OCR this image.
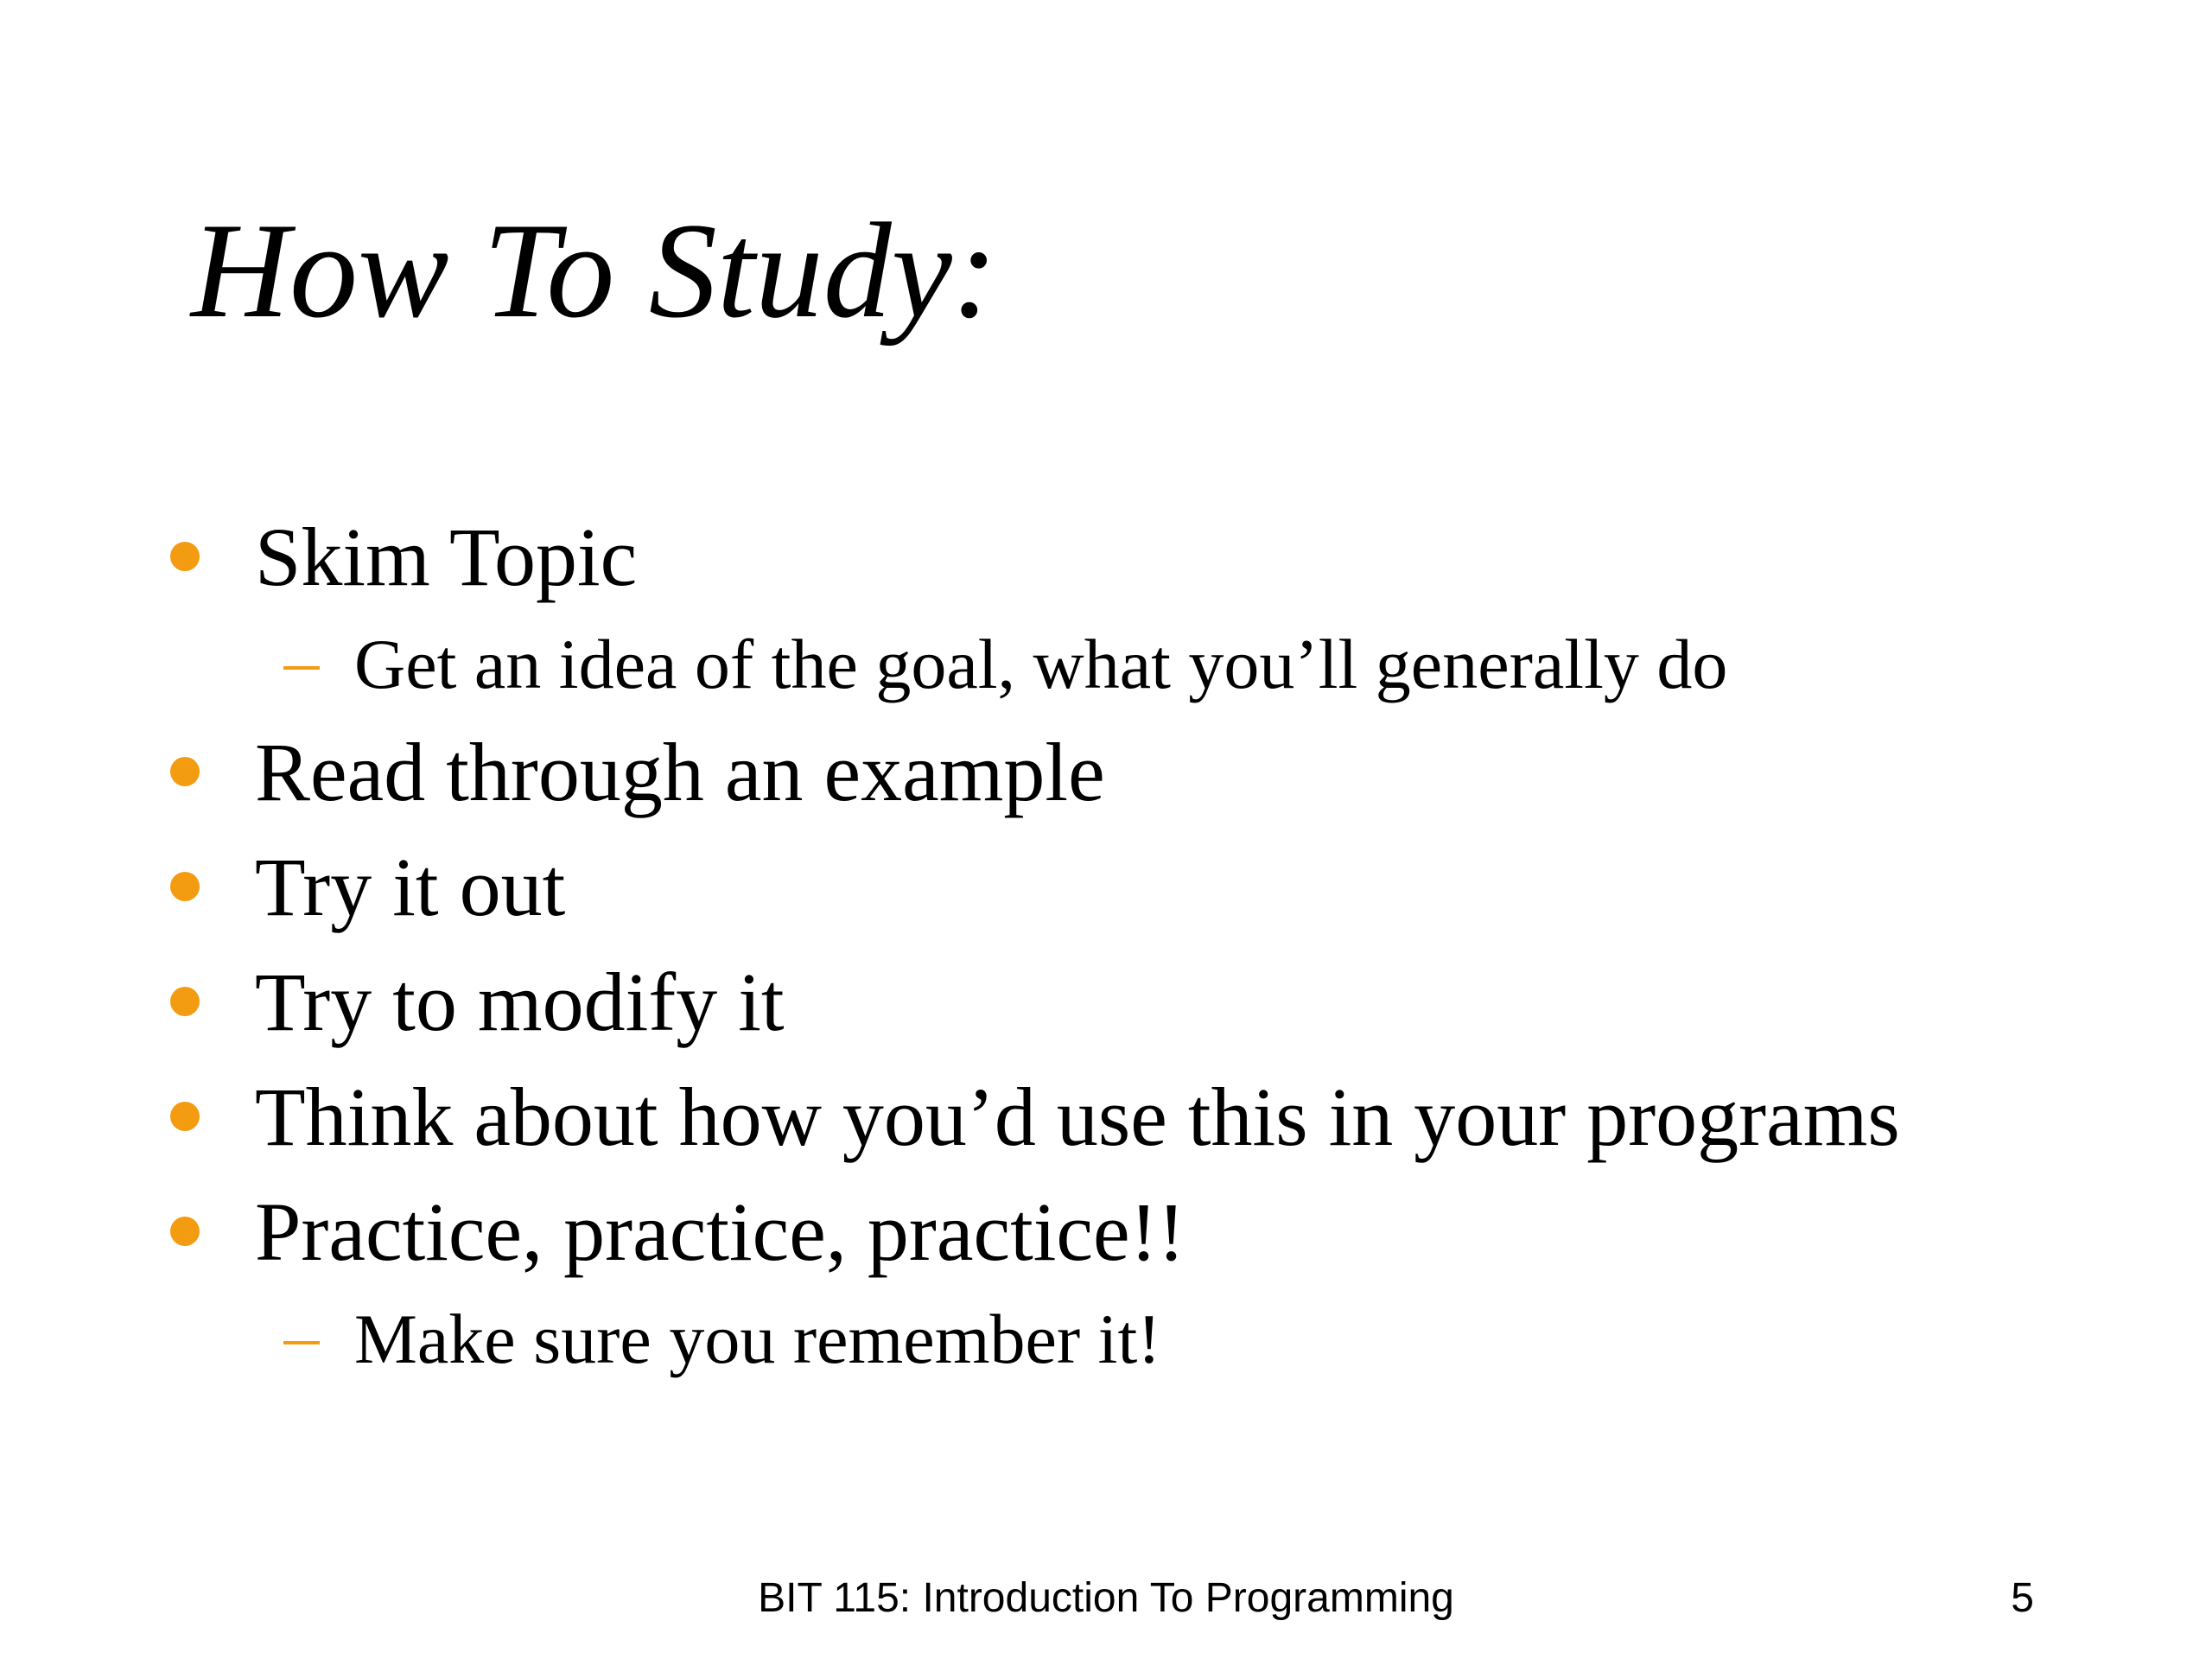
How To Study:
Skim Topic
Get an idea of the goal, what you’ll generally do
Read through an example
Try it out
Try to modify it
Think about how you’d use this in your programs
Practice, practice, practice!!
Make sure you remember it!
BIT 115: Introduction To Programming	5
